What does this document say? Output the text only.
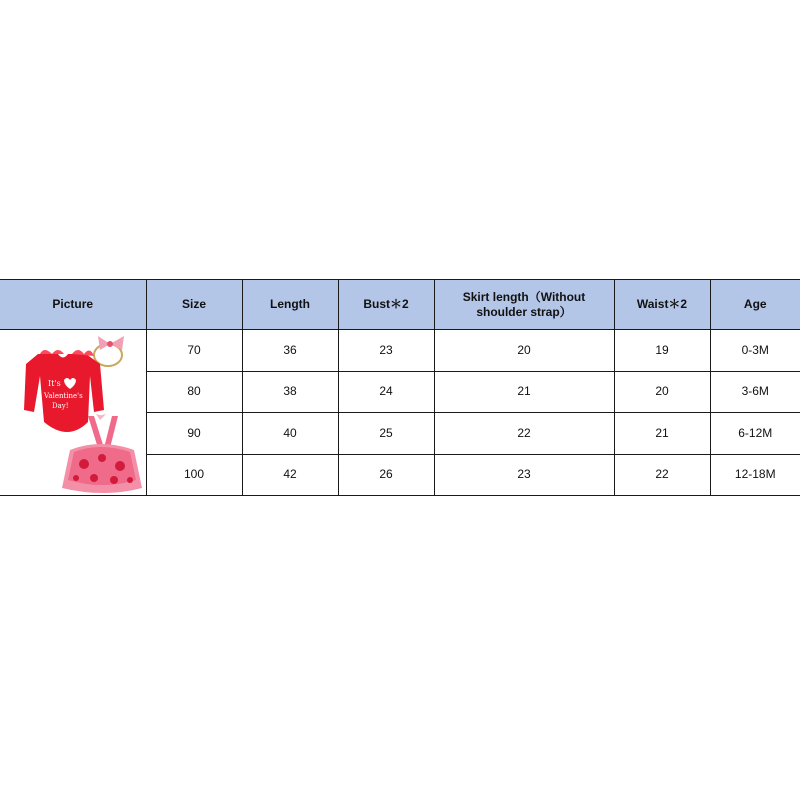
Picture	Size	Length	Bust＊2	Skirt length（Without shoulder strap）	Waist＊2	Age

It's
Valentine's
Day!	70	36	23	20	19	0-3M
	80	38	24	21	20	3-6M
	90	40	25	22	21	6-12M
	100	42	26	23	22	12-18M
